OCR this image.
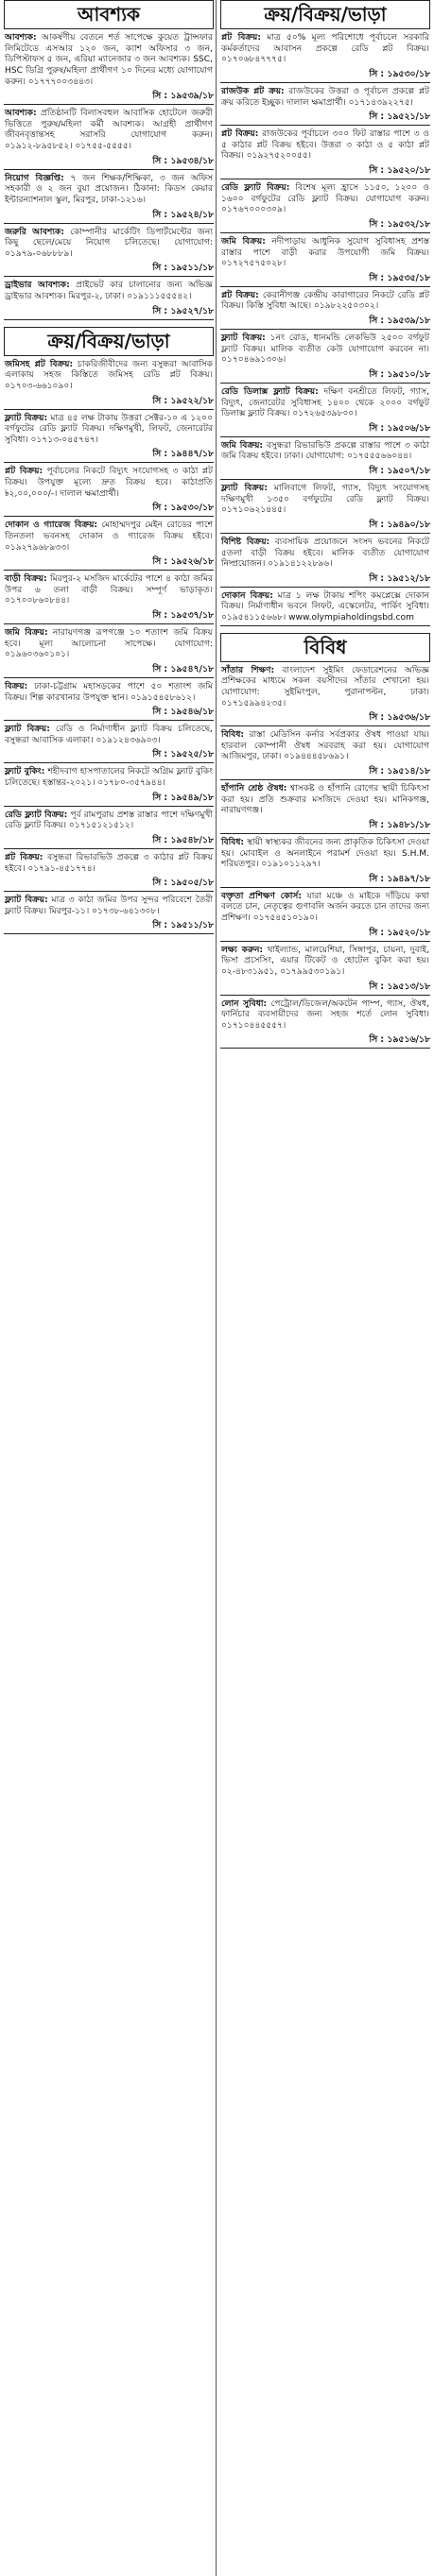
আবশ্যক
আবশ্যক: আকর্ষণীয় বেতনে শর্ত সাপেক্ষে কুয়েত ট্রান্সফার লিমিটেডে এসআর ১২০ জন, ক্যাশ অফিসার ৩ জন, ডিপিস্টাফস ৫ জন, এরিয়া ম্যানেজার ৩ জন আবশ্যক। SSC, HSC ডিগ্রি পুরুষ/মহিলা প্রার্থীগণ ১০ দিনের মধ্যে যোগাযোগ করুন। ০১৭৭৭০০৩৪৪৩।
সি : ১৯৫৩৯/১৮
আবশ্যক: প্রতিষ্ঠানটি বিলাসবহুল আবাসিক হোটেলে জরুরী ভিত্তিতে পুরুষ/মহিলা কর্মী আবশ্যক। আগ্রহী প্রার্থীগণ জীবনবৃত্তান্তসহ সরাসরি যোগাযোগ করুন। ০১৯১২-৮৯৫৮৫২। ০১৭৫৫-৫৫৫৫।
সি : ১৯৫৩৪/১৮
নিয়োগ বিজ্ঞপ্তি: ৭ জন শিক্ষক/শিক্ষিকা, ৩ জন অফিস সহকারী ও ২ জন বুয়া প্রয়োজন। ঠিকানা: কিডস কেয়ার ইন্টারন্যাশনাল স্কুল, মিরপুর, ঢাকা-১২১৬।
সি : ১৯৫২৪/১৮
জরুরি আবশ্যক: কোম্পানীর মার্কেটিং ডিপার্টমেন্টের জন্য কিছু ছেলে/মেয়ে নিয়োগ চলিতেছে। যোগাযোগ: ০১৯৭৯-০৬৮৮৮৯।
সি : ১৯৫১১/১৮
ড্রাইভার আবশ্যক: প্রাইভেট কার চালানোর জন্য অভিজ্ঞ ড্রাইভার আবশ্যক। মিরপুর-২, ঢাকা। ০১৯১১১৫৫৫৪২।
সি : ১৯৫২৭/১৮
ক্রয়/বিক্রয়/ভাড়া
জমিসহ প্লট বিক্রয়: চাকরিজীবীদের জন্য বসুন্ধরা আবাসিক এলাকায় সহজ কিস্তিতে জমিসহ রেডি প্লট বিক্রয়। ০১৭০৩-৬৬১০৯০।
সি : ১৯৫২২/১৮
ফ্ল্যাট বিক্রয়: মাত্র ৪৫ লক্ষ টাকায় উত্তরা সেক্টর-১০ এ ১২০০ বর্গফুটের রেডি ফ্ল্যাট বিক্রয়। দক্ষিণমুখী, লিফট, জেনারেটর সুবিধা। ০১৭১৩-০৪৫৭৪৭।
সি : ১৯৪৪৭/১৮
প্লট বিক্রয়: পূর্বাচলের নিকটে বিদ্যুৎ সংযোগসহ ৩ কাঠা প্লট বিক্রয়। উপযুক্ত মূল্যে দ্রুত বিক্রয় হবে। কাঠাপ্রতি ৳২,০০,০০০/-। দালাল ক্ষমাপ্রার্থী।
সি : ১৯৫৩০/১৮
দোকান ও গ্যারেজ বিক্রয়: মোহাম্মদপুর মেইন রোডের পাশে তিনতলা ভবনসহ দোকান ও গ্যারেজ বিক্রয় হইবে। ০১৯২৭৯৬৮৯৩৩।
সি : ১৯৫২৬/১৮
বাড়ী বিক্রয়: মিরপুর-২ মসজিদ মার্কেটের পাশে ৪ কাঠা জমির উপর ৬ তলা বাড়ী বিক্রয়। সম্পূর্ণ ভাড়াকৃত। ০১৭০০৮৬০৮৪৪।
সি : ১৯৫৩৭/১৮
জমি বিক্রয়: নারায়ণগঞ্জ রূপগঞ্জে ১০ শতাংশ জমি বিক্রয় হবে। মূল্য আলোচনা সাপেক্ষে। যোগাযোগ: ০১৯৬০৩৬০১০১।
সি : ১৯৫৪৭/১৮
বিক্রয়: ঢাকা-চট্টগ্রাম মহাসড়কের পাশে ৫০ শতাংশ জমি বিক্রয়। শিল্প কারখানার উপযুক্ত স্থান। ০১৯১৫৪৫৮৬১২।
সি : ১৯৫৪৬/১৮
ফ্ল্যাট বিক্রয়: রেডি ও নির্মাণাধীন ফ্ল্যাট বিক্রয় চলিতেছে, বসুন্ধরা আবাসিক এলাকা। ০১৯১২৪৩৬৯০৩।
সি : ১৯৫২৫/১৮
ফ্ল্যাট বুকিং: শহীদবাগ হাসপাতালের নিকটে অগ্রিম ফ্ল্যাট বুকিং চলিতেছে। হস্তান্তর-২০২১। ০১৭৮০-৩৫৭৯৪৪।
সি : ১৯৫৪৯/১৮
রেডি ফ্ল্যাট বিক্রয়: পূর্ব রামপুরায় প্রশস্ত রাস্তার পাশে দক্ষিণমুখী রেডি ফ্ল্যাট বিক্রয়। ০১৭১৫১২১৫১২।
সি : ১৯৫৪৮/১৮
প্লট বিক্রয়: বসুন্ধরা রিভারভিউ প্রকল্পে ৩ কাঠার প্লট বিক্রয় হইবে। ০১৭৯১-৪৫১৭৭৪।
সি : ১৯৫০৫/১৮
ফ্ল্যাট বিক্রয়: মাত্র ৩ কাঠা জমির উপর সুন্দর পরিবেশে তৈরী ফ্ল্যাট বিক্রয়। মিরপুর-১১। ০১৭৩৮-৬৪১৩০৮।
সি : ১৯৫১১/১৮
ক্রয়/বিক্রয়/ভাড়া
প্লট বিক্রয়: মাত্র ৫০% মূল্য পরিশোধে পূর্বাচলে সরকারি কর্মকর্তাদের আবাসন প্রকল্পে রেডি প্লট বিক্রয়। ০১৭০৬৮৪৭৭৭৫।
সি : ১৯৫৩০/১৮
রাজউক প্লট ক্রয়: রাজউকের উত্তরা ও পূর্বাচল প্রকল্পে প্লট ক্রয় করিতে ইচ্ছুক। দালাল ক্ষমাপ্রার্থী। ০১৭১৪৩৯২২৭৫।
সি : ১৯৫২১/১৮
প্লট বিক্রয়: রাজউকের পূর্বাচলে ৩০০ ফিট রাস্তার পাশে ৩ ও ৫ কাঠার প্লট বিক্রয় হইবে। উত্তরা ৩ কাঠা ও ৫ কাঠা প্লট বিক্রয়। ০১৯২৭৫২০০৫৫।
সি : ১৯৫২০/১৮
রেডি ফ্ল্যাট বিক্রয়: বিশেষ মূল্য হ্রাসে ১১৫০, ১২০০ ও ১৬০০ বর্গফুটের রেডি ফ্ল্যাট বিক্রয়। যোগাযোগ করুন। ০১৭৬৭০০০৩০৯।
সি : ১৯৫৩২/১৮
জমি বিক্রয়: নদীপাড়ায় আধুনিক সুযোগ সুবিধাসহ প্রশস্ত রাস্তার পাশে বাড়ী করার উপযোগী জমি বিক্রয়। ০১৭২৭৫৭৫০২৮।
সি : ১৯৫৩৫/১৮
প্লট বিক্রয়: কেরানীগঞ্জ কেন্দ্রীয় কারাগারের নিকটে রেডি প্লট বিক্রয়। কিস্তি সুবিধা আছে। ০১৯৮২২৫০৩০২।
সি : ১৯৫৩৯/১৮
ফ্ল্যাট বিক্রয়: ১নং রোড, ধানমন্ডি লেকভিউ ২৫০০ বর্গফুট ফ্ল্যাট বিক্রয়। মালিক ব্যতীত কেউ যোগাযোগ করবেন না। ০১৭০৪৬৯১৩০৬।
সি : ১৯৫১০/১৮
রেডি ডিলাক্স ফ্ল্যাট বিক্রয়: দক্ষিণ বনশ্রীতে লিফট, গ্যাস, বিদ্যুৎ, জেনারেটর সুবিধাসহ ১৪০০ থেকে ২০০০ বর্গফুট ডিলাক্স ফ্ল্যাট বিক্রয়। ০১৭২৬৫৩৯৮০০।
সি : ১৯৫০৬/১৮
জমি বিক্রয়: বসুন্ধরা রিভারভিউ প্রকল্পে রাস্তার পাশে ৩ কাঠা জমি বিক্রয় হইবে। ঢাকা। যোগাযোগ: ০১৭৫৫৫৬৬০৪৪।
সি : ১৯৫০৭/১৮
ফ্ল্যাট বিক্রয়: মালিবাগে লিফট, গ্যাস, বিদ্যুৎ সংযোগসহ দক্ষিণমুখী ১৩৫০ বর্গফুটের রেডি ফ্ল্যাট বিক্রয়। ০১৭১০৬২১৪৪৫।
সি : ১৯৪৯০/১৮
বিশিষ্ট বিক্রয়: ব্যবসায়িক প্রয়োজনে সংসদ ভবনের নিকটে ৫তলা বাড়ী বিক্রয় হইবে। মালিক ব্যতীত যোগাযোগ নিষ্প্রয়োজন। ০১৯১৪১২২৮৯৬।
সি : ১৯৫১২/১৮
দোকান বিক্রয়: মাত্র ১ লক্ষ টাকায় শপিং কমপ্লেক্সে দোকান বিক্রয়। নির্মাণাধীন ভবনে লিফট, এস্কেলেটর, পার্কিং সুবিধা। ০১৯৫৪১১৫৬৬৮। www.olympiaholdingsbd.com
বিবিধ
সাঁতার শিক্ষণ: বাংলাদেশ সুইমিং ফেডারেশনের অভিজ্ঞ প্রশিক্ষকের মাধ্যমে সকল বয়সীদের সাঁতার শেখানো হয়। যোগাযোগ: সুইমিংপুল, পুরানাপল্টন, ঢাকা। ০১৭১৫৯৯৪২৩৫।
সি : ১৯৫৩৬/১৮
বিবিধ: রাস্তা মেডিসিন কর্নার সর্বপ্রকার ঔষধ পাওয়া যায়। হারবাল কোম্পানী ঔষধ সরবরাহ করা হয়। যোগাযোগ আজিমপুর, ঢাকা। ০১৯৪৪৪৫৮৬৯১।
সি : ১৯৫১৪/১৮
হাঁপানি শ্রেষ্ঠ ঔষধ: শ্বাসকষ্ট ও হাঁপানি রোগের স্থায়ী চিকিৎসা করা হয়। প্রতি শুক্রবার মসজিদে দেওয়া হয়। মানিকগঞ্জ, নারায়ণগঞ্জ।
সি : ১৯৪৮১/১৮
বিবিধ: স্থায়ী স্বাস্থ্যকর জীবনের জন্য প্রাকৃতিক চিকিৎসা দেওয়া হয়। মোবাইল ও অনলাইনে পরামর্শ দেওয়া হয়। S.H.M. শরিয়তপুর। ০১৯১০১১২৯৭।
সি : ১৯৪৯৭/১৮
বক্তৃতা প্রশিক্ষণ কোর্স: যারা মঞ্চে ও মাইকে দাঁড়িয়ে কথা বলতে চান, নেতৃত্বের গুণাবলি অর্জন করতে চান তাদের জন্য প্রশিক্ষণ। ০১৭৫৪৫১০১৯০।
সি : ১৯৫২০/১৮
লক্ষ্য করুন: থাইল্যান্ড, মালয়েশিয়া, সিঙ্গাপুর, চায়না, দুবাই, ভিসা প্রসেসিং, এয়ার টিকেট ও হোটেল বুকিং করা হয়। ০২-৪৮৩১৯৫১, ০১৭৯৯৫৩০১৯১।
সি : ১৯৫১৩/১৮
লোন সুবিধা: পেট্রোল/ডিজেল/অকটেন পাম্প, গ্যাস, ঔষধ, ফার্নিচার ব্যবসায়ীদের জন্য সহজ শর্তে লোন সুবিধা। ০১৭১০৪৪৫৫৫৭।
সি : ১৯৫১৬/১৮
